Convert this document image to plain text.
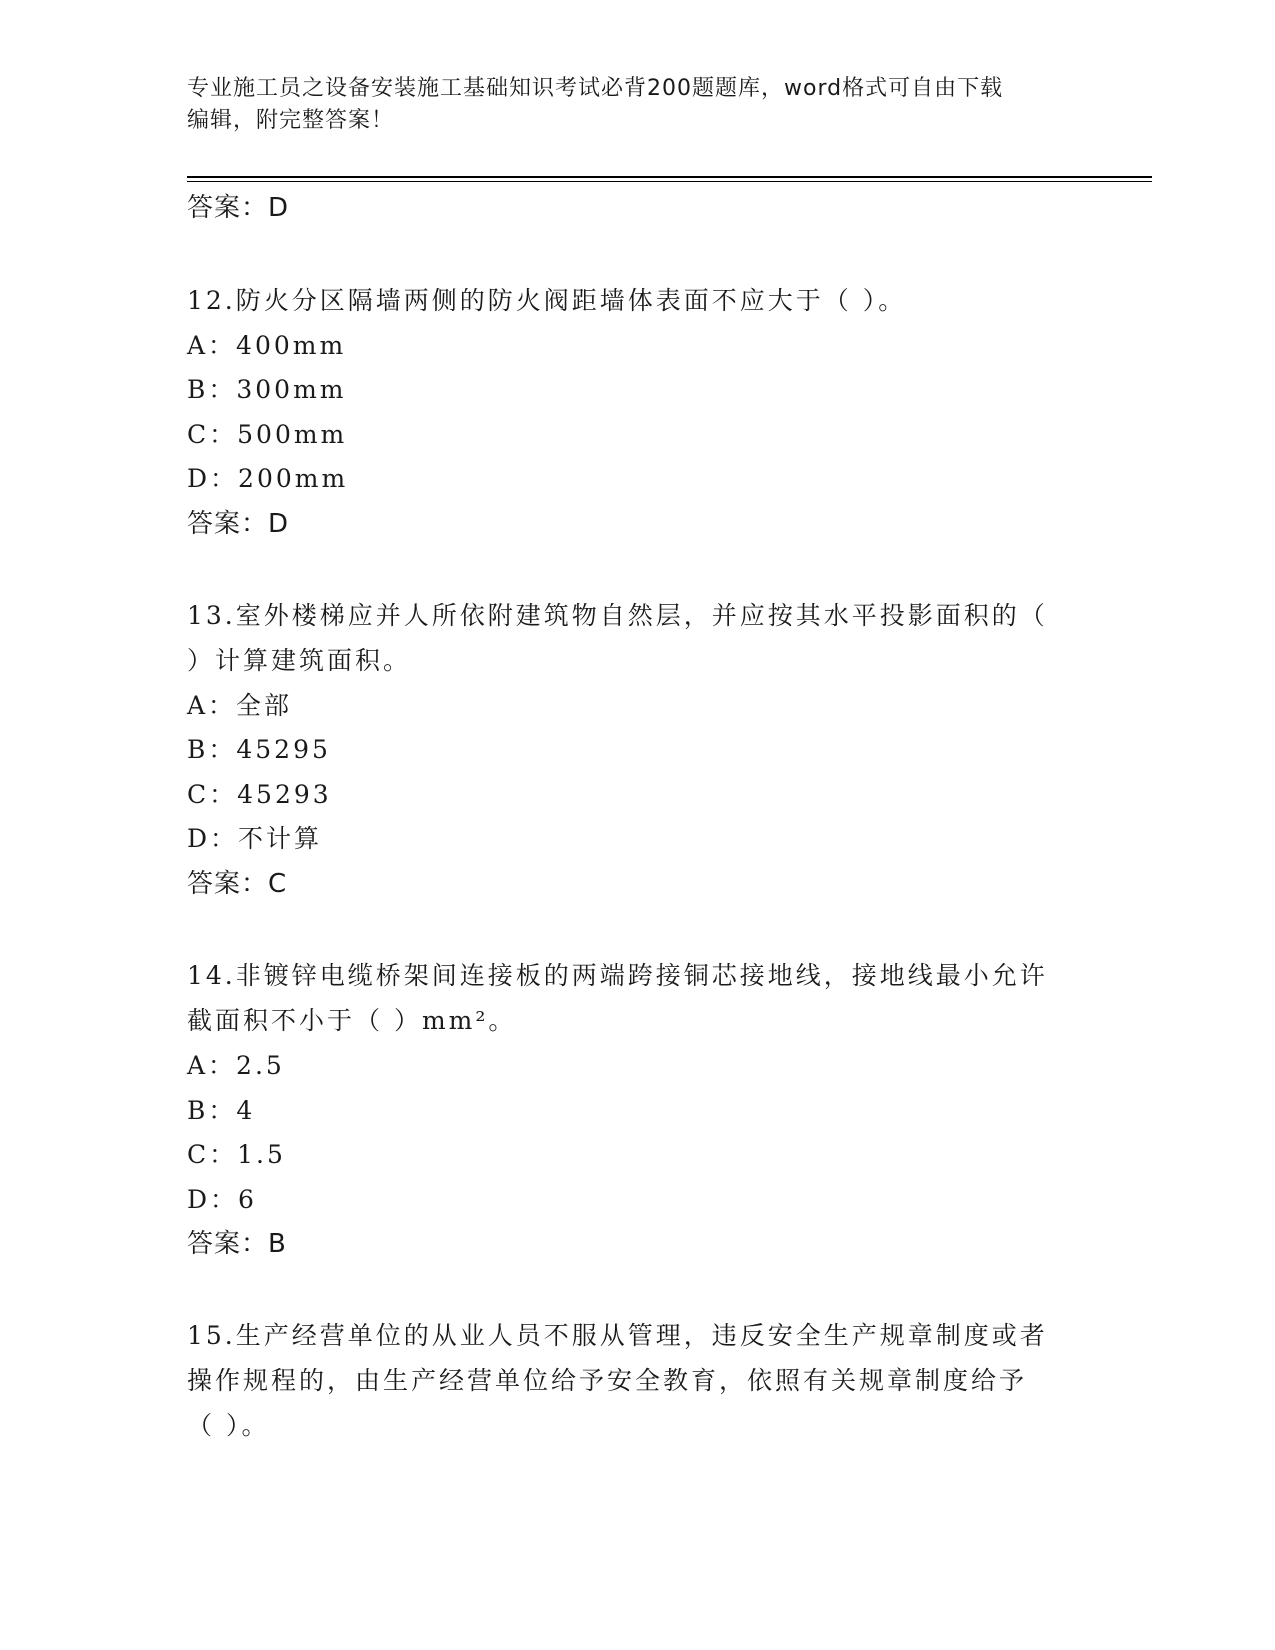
专业施工员之设备安装施工基础知识考试必背200题题库，word格式可自由下载
编辑，附完整答案！
答案：D
12.防火分区隔墙两侧的防火阀距墙体表面不应大于（ ）。
A：400mm
B：300mm
C：500mm
D：200mm
答案：D
13.室外楼梯应并人所依附建筑物自然层，并应按其水平投影面积的（
）计算建筑面积。
A：全部
B：45295
C：45293
D：不计算
答案：C
14.非镀锌电缆桥架间连接板的两端跨接铜芯接地线，接地线最小允许
截面积不小于（ ）mm²。
A：2.5
B：4
C：1.5
D：6
答案：B
15.生产经营单位的从业人员不服从管理，违反安全生产规章制度或者
操作规程的，由生产经营单位给予安全教育，依照有关规章制度给予
（ ）。
